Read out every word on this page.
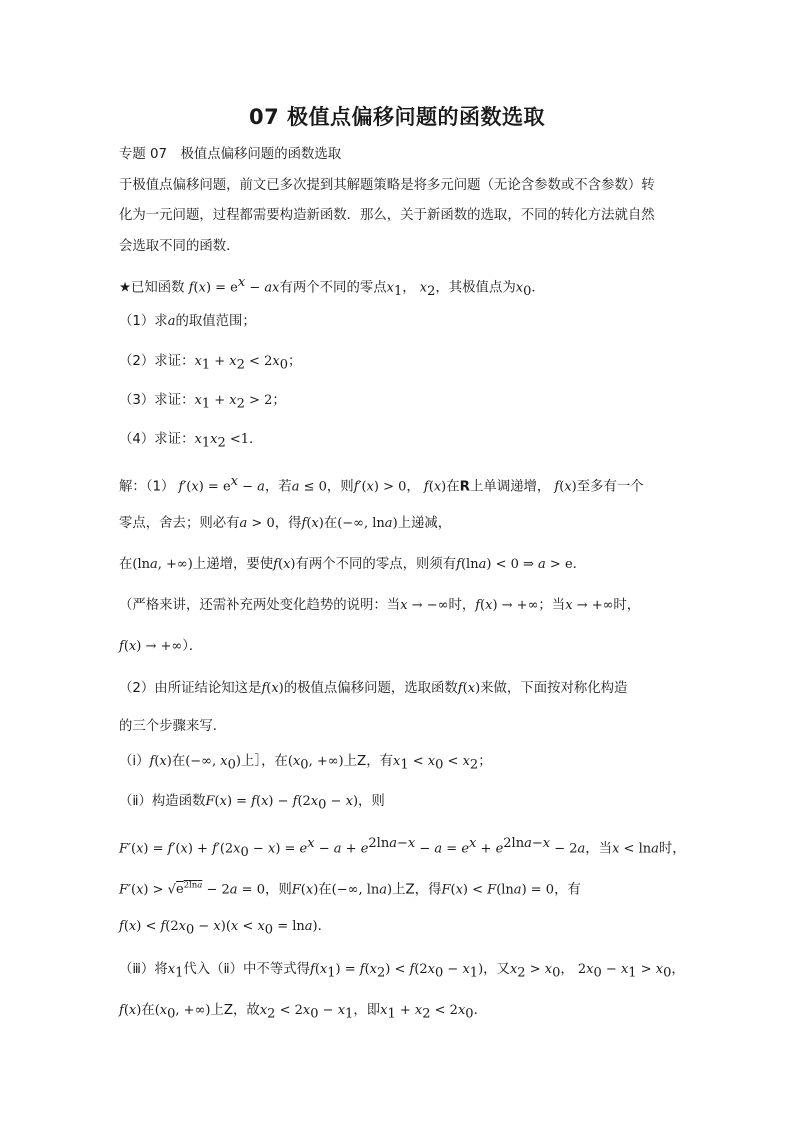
07 极值点偏移问题的函数选取
专题 07　极值点偏移问题的函数选取
于极值点偏移问题，前文已多次提到其解题策略是将多元问题（无论含参数或不含参数）转
化为一元问题，过程都需要构造新函数．那么，关于新函数的选取，不同的转化方法就自然
会选取不同的函数．
★已知函数 $f(x) = e^x$ − ax有两个不同的零点$x_1$， $x_2$，其极值点为$x_0$．
（1）求a的取值范围；
（2）求证：$x_1 + x_2 < 2x_0$；
（3）求证：$x_1 + x_2 > 2$；
（4）求证：$x_1x_2 <1$．
解：（1） $f'(x) = e^x - a$，若a ≤ 0，则f′(x) > 0， f(x)在R上单调递增， f(x)至多有一个
零点，舍去；则必有a > 0，得f(x)在(−∞, lna)上递减，
在(lna, +∞)上递增，要使f(x)有两个不同的零点，则须有f(lna) < 0 ⇒ a > e．
（严格来讲，还需补充两处变化趋势的说明：当x → −∞时，f(x) → +∞；当x → +∞时，
f(x) → +∞）．
（2）由所证结论知这是f(x)的极值点偏移问题，选取函数f(x)来做，下面按对称化构造
的三个步骤来写．
（ⅰ）f(x)在(−∞, $x_0$)上］，在($x_0$, +∞)上Z，有$x_1 < x_0 < x_2$；
（ⅱ）构造函数$F(x) = f(x) - f(2x_0 - x)$，则
$F'(x) = f'(x) + f'(2x_0 - x) = e^x - a + e^{2lna-x} - a = e^x + e^{2lna-x} - 2a$，当x < lna时，
$F'(x) > √e^{2lna} - 2a = 0$，则F(x)在(−∞, lna)上Z，得F(x) < F(lna) = 0，有
$f(x) < f(2x_0 - x)(x < x_0 = \ln a)$．
（ⅲ）将$x_1$代入（ⅱ）中不等式得$f(x_1) = f(x_2) < f(2x_0 - x_1)$，又$x_2 > x_0$， $2x_0 - x_1 > x_0$，
f(x)在($x_0$, +∞)上Z，故$x_2 < 2x_0 - x_1$，即$x_1 + x_2 < 2x_0$．
